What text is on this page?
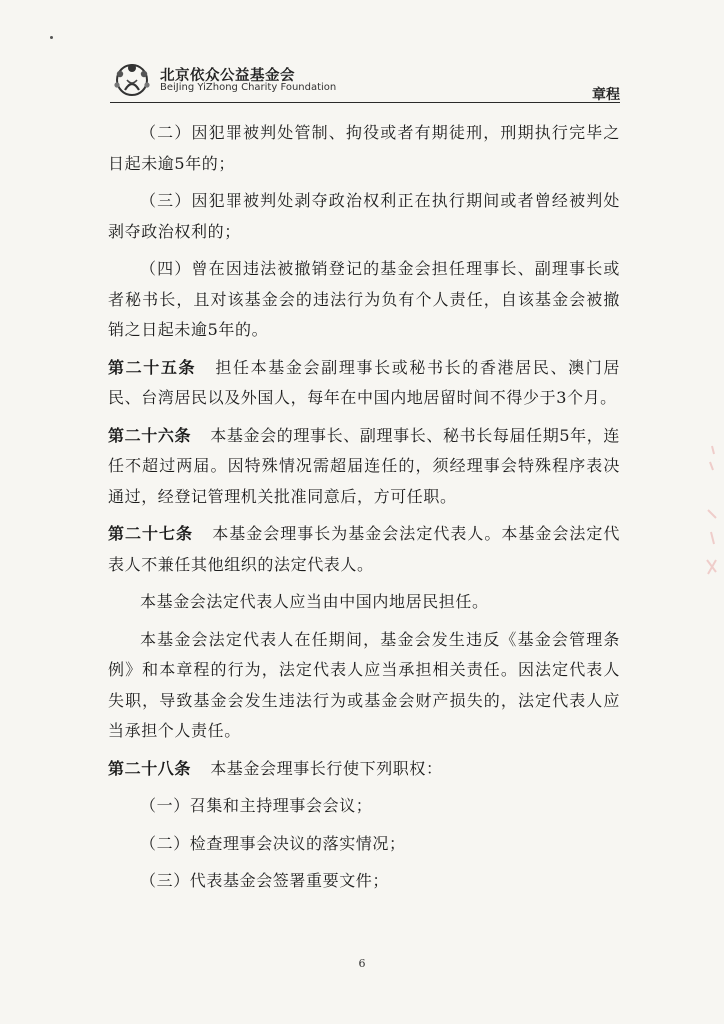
北京依众公益基金会
BeiJing YiZhong Charity Foundation	章程

（二）因犯罪被判处管制、拘役或者有期徒刑，刑期执行完毕之日起未逾5年的；

（三）因犯罪被判处剥夺政治权利正在执行期间或者曾经被判处剥夺政治权利的；

（四）曾在因违法被撤销登记的基金会担任理事长、副理事长或者秘书长，且对该基金会的违法行为负有个人责任，自该基金会被撤销之日起未逾5年的。

第二十五条 担任本基金会副理事长或秘书长的香港居民、澳门居民、台湾居民以及外国人，每年在中国内地居留时间不得少于3个月。

第二十六条 本基金会的理事长、副理事长、秘书长每届任期5年，连任不超过两届。因特殊情况需超届连任的，须经理事会特殊程序表决通过，经登记管理机关批准同意后，方可任职。

第二十七条 本基金会理事长为基金会法定代表人。本基金会法定代表人不兼任其他组织的法定代表人。

本基金会法定代表人应当由中国内地居民担任。

本基金会法定代表人在任期间，基金会发生违反《基金会管理条例》和本章程的行为，法定代表人应当承担相关责任。因法定代表人失职，导致基金会发生违法行为或基金会财产损失的，法定代表人应当承担个人责任。

第二十八条 本基金会理事长行使下列职权：

（一）召集和主持理事会会议；

（二）检查理事会决议的落实情况；

（三）代表基金会签署重要文件；

6
